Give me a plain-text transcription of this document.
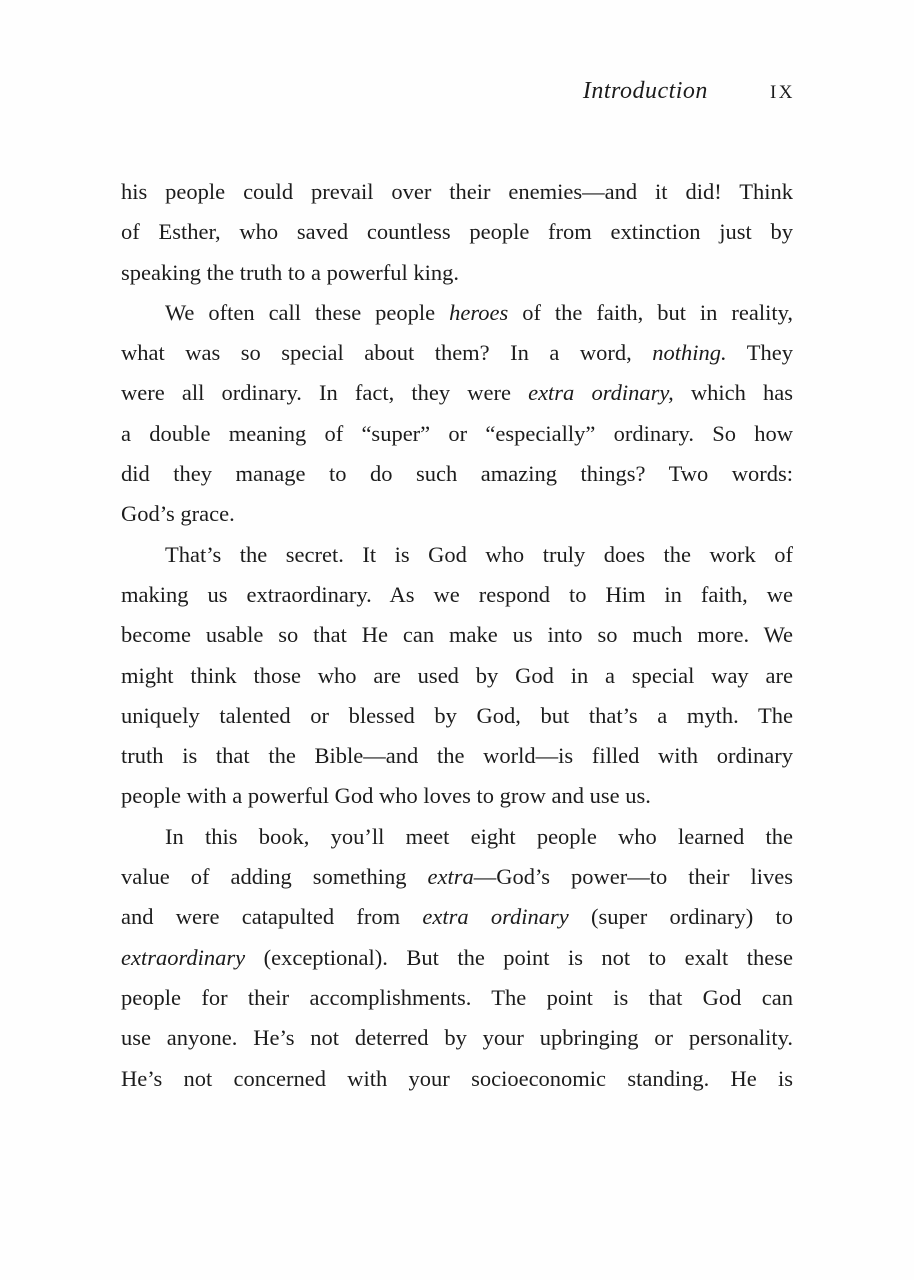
Introduction	IX
his people could prevail over their enemies—and it did! Think
of Esther, who saved countless people from extinction just by
speaking the truth to a powerful king.
We often call these people heroes of the faith, but in reality,
what was so special about them? In a word, nothing. They
were all ordinary. In fact, they were extra ordinary, which has
a double meaning of “super” or “especially” ordinary. So how
did they manage to do such amazing things? Two words:
God’s grace.
That’s the secret. It is God who truly does the work of
making us extraordinary. As we respond to Him in faith, we
become usable so that He can make us into so much more. We
might think those who are used by God in a special way are
uniquely talented or blessed by God, but that’s a myth. The
truth is that the Bible—and the world—is filled with ordinary
people with a powerful God who loves to grow and use us.
In this book, you’ll meet eight people who learned the
value of adding something extra—God’s power—to their lives
and were catapulted from extra ordinary (super ordinary) to
extraordinary (exceptional). But the point is not to exalt these
people for their accomplishments. The point is that God can
use anyone. He’s not deterred by your upbringing or personality.
He’s not concerned with your socioeconomic standing. He is
